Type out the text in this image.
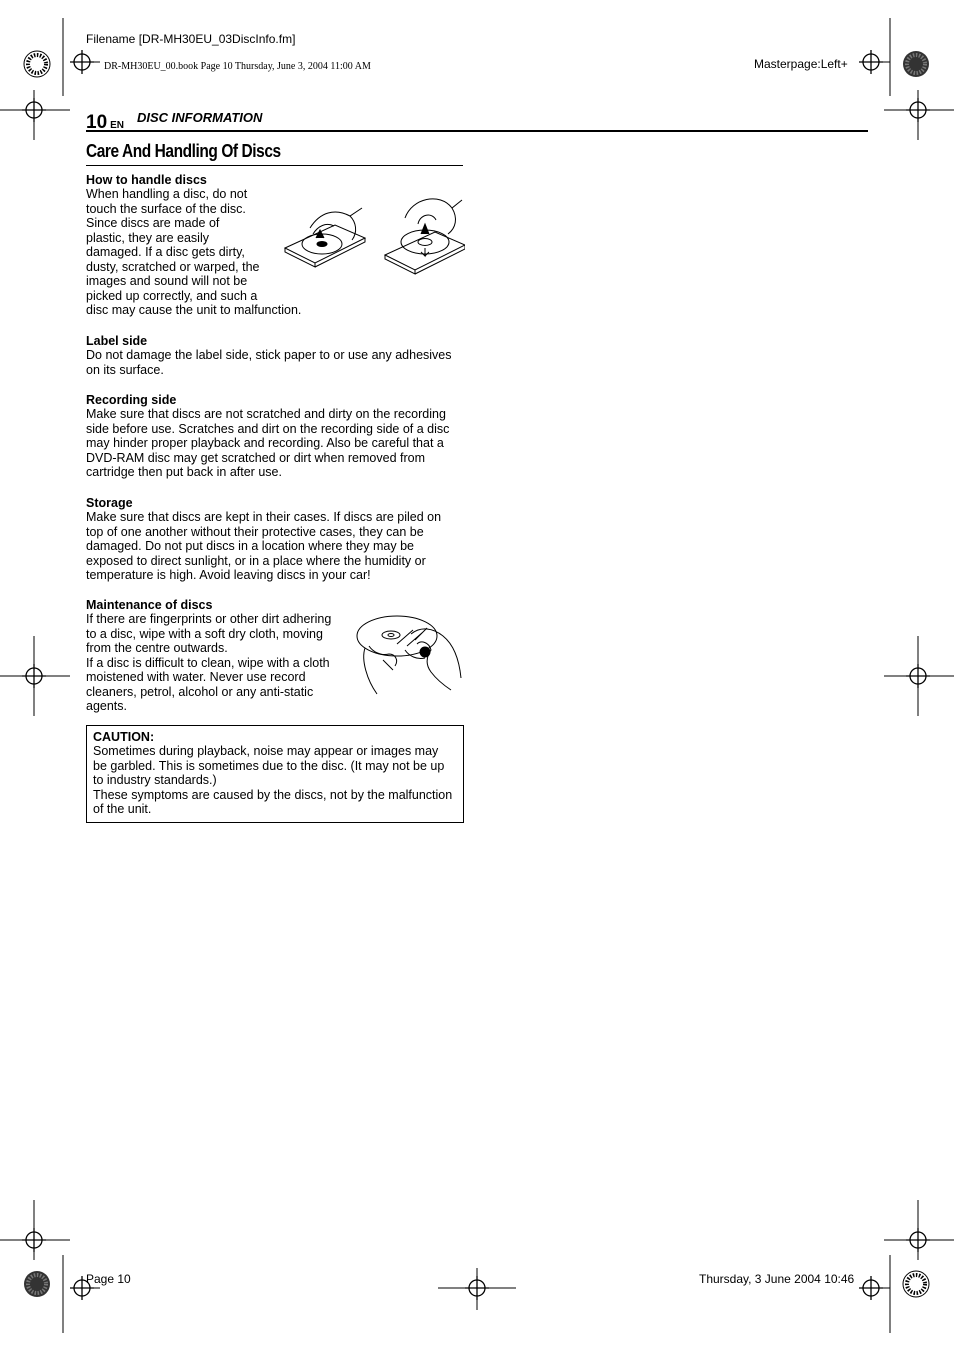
Filename [DR-MH30EU_03DiscInfo.fm]
DR-MH30EU_00.book Page 10 Thursday, June 3, 2004 11:00 AM	Masterpage:Left+
10 EN
DISC INFORMATION
Care And Handling Of Discs
How to handle discs
When handling a disc, do not
touch the surface of the disc.
Since discs are made of
plastic, they are easily
damaged. If a disc gets dirty,
dusty, scratched or warped, the
images and sound will not be
picked up correctly, and such a
disc may cause the unit to malfunction.
Label side
Do not damage the label side, stick paper to or use any adhesives
on its surface.
Recording side
Make sure that discs are not scratched and dirty on the recording
side before use. Scratches and dirt on the recording side of a disc
may hinder proper playback and recording. Also be careful that a
DVD-RAM disc may get scratched or dirt when removed from
cartridge then put back in after use.
Storage
Make sure that discs are kept in their cases. If discs are piled on
top of one another without their protective cases, they can be
damaged. Do not put discs in a location where they may be
exposed to direct sunlight, or in a place where the humidity or
temperature is high. Avoid leaving discs in your car!
Maintenance of discs
If there are fingerprints or other dirt adhering
to a disc, wipe with a soft dry cloth, moving
from the centre outwards.
If a disc is difficult to clean, wipe with a cloth
moistened with water. Never use record
cleaners, petrol, alcohol or any anti-static
agents.
CAUTION:
Sometimes during playback, noise may appear or images may
be garbled. This is sometimes due to the disc. (It may not be up
to industry standards.)
These symptoms are caused by the discs, not by the malfunction
of the unit.
Page 10	Thursday, 3 June 2004 10:46
